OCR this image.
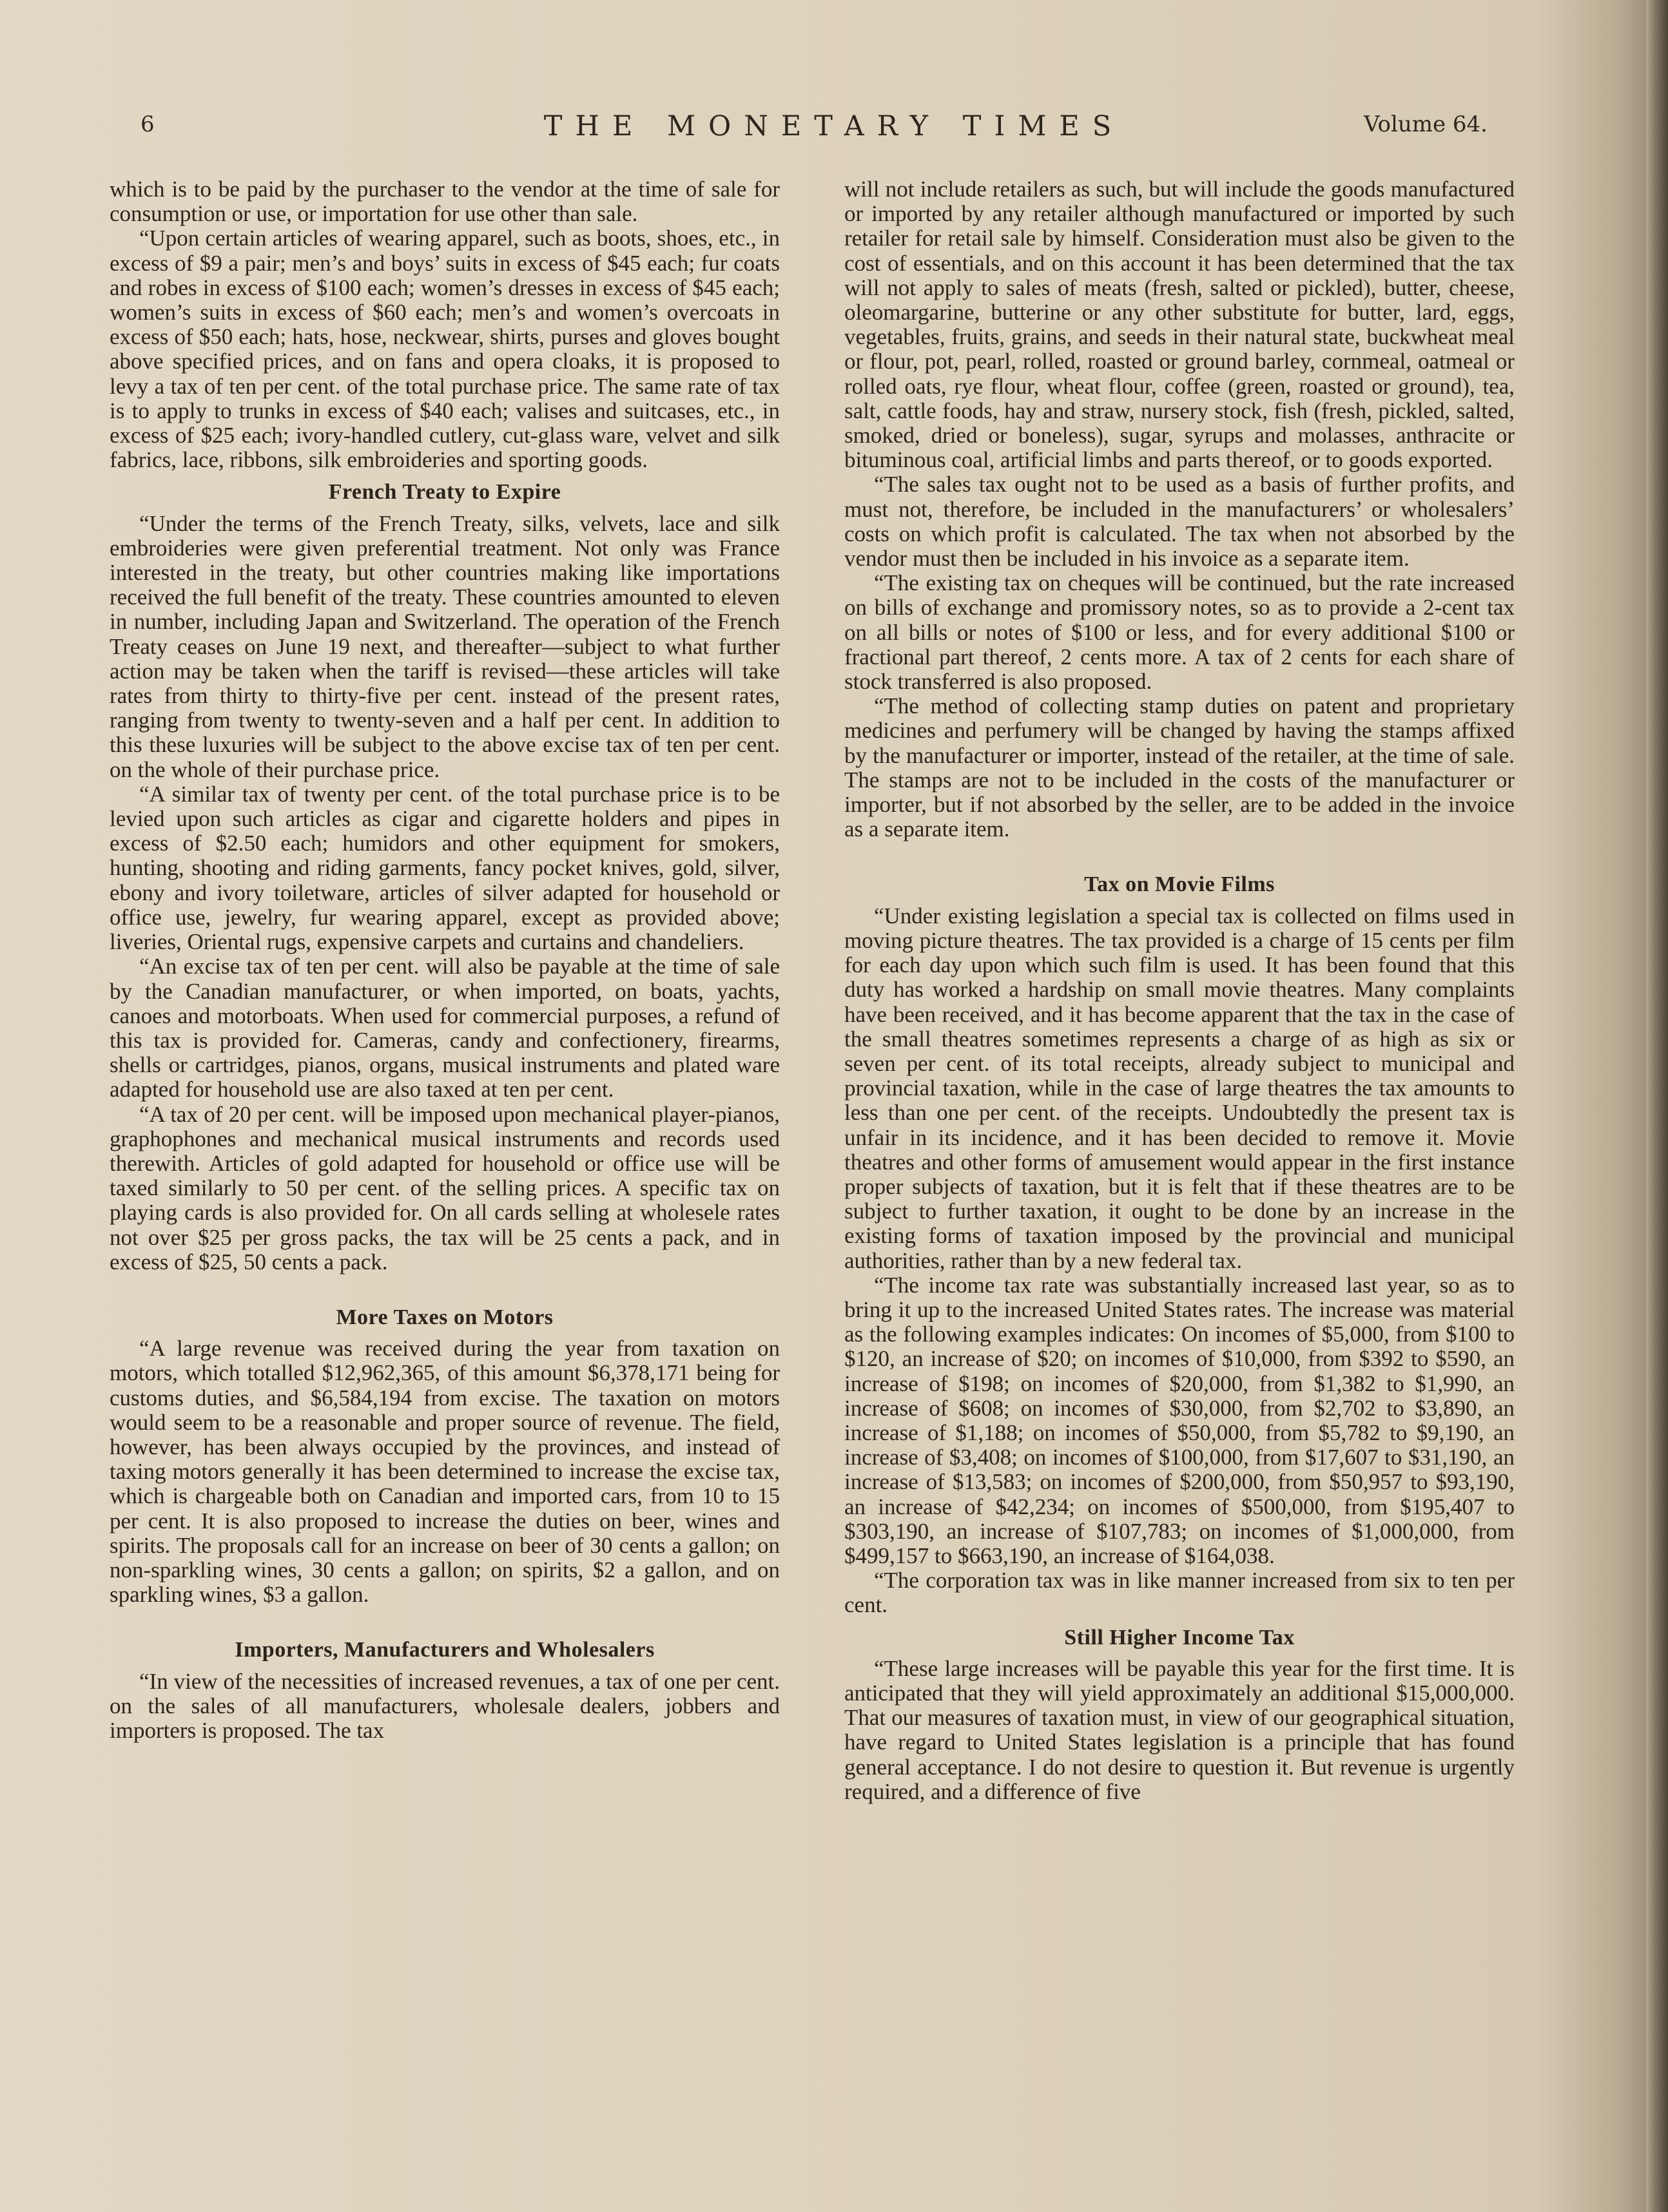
6	THE MONETARY TIMES	Volume 64.

which is to be paid by the purchaser to the vendor at the time of sale for consumption or use, or importation for use other than sale.

“Upon certain articles of wearing apparel, such as boots, shoes, etc., in excess of $9 a pair; men’s and boys’ suits in excess of $45 each; fur coats and robes in excess of $100 each; women’s dresses in excess of $45 each; women’s suits in excess of $60 each; men’s and women’s overcoats in excess of $50 each; hats, hose, neckwear, shirts, purses and gloves bought above specified prices, and on fans and opera cloaks, it is proposed to levy a tax of ten per cent. of the total purchase price. The same rate of tax is to apply to trunks in excess of $40 each; valises and suitcases, etc., in excess of $25 each; ivory-handled cutlery, cut-glass ware, velvet and silk fabrics, lace, ribbons, silk embroideries and sporting goods.

French Treaty to Expire

“Under the terms of the French Treaty, silks, velvets, lace and silk embroideries were given preferential treatment. Not only was France interested in the treaty, but other countries making like importations received the full benefit of the treaty. These countries amounted to eleven in number, including Japan and Switzerland. The operation of the French Treaty ceases on June 19 next, and thereafter—subject to what further action may be taken when the tariff is revised—these articles will take rates from thirty to thirty-five per cent. instead of the present rates, ranging from twenty to twenty-seven and a half per cent. In addition to this these luxuries will be subject to the above excise tax of ten per cent. on the whole of their purchase price.

“A similar tax of twenty per cent. of the total purchase price is to be levied upon such articles as cigar and cigarette holders and pipes in excess of $2.50 each; humidors and other equipment for smokers, hunting, shooting and riding garments, fancy pocket knives, gold, silver, ebony and ivory toiletware, articles of silver adapted for household or office use, jewelry, fur wearing apparel, except as provided above; liveries, Oriental rugs, expensive carpets and curtains and chandeliers.

“An excise tax of ten per cent. will also be payable at the time of sale by the Canadian manufacturer, or when imported, on boats, yachts, canoes and motorboats. When used for commercial purposes, a refund of this tax is provided for. Cameras, candy and confectionery, firearms, shells or cartridges, pianos, organs, musical instruments and plated ware adapted for household use are also taxed at ten per cent.

“A tax of 20 per cent. will be imposed upon mechanical player-pianos, graphophones and mechanical musical instruments and records used therewith. Articles of gold adapted for household or office use will be taxed similarly to 50 per cent. of the selling prices. A specific tax on playing cards is also provided for. On all cards selling at wholesele rates not over $25 per gross packs, the tax will be 25 cents a pack, and in excess of $25, 50 cents a pack.

More Taxes on Motors

“A large revenue was received during the year from taxation on motors, which totalled $12,962,365, of this amount $6,378,171 being for customs duties, and $6,584,194 from excise. The taxation on motors would seem to be a reasonable and proper source of revenue. The field, however, has been always occupied by the provinces, and instead of taxing motors generally it has been determined to increase the excise tax, which is chargeable both on Canadian and imported cars, from 10 to 15 per cent. It is also proposed to increase the duties on beer, wines and spirits. The proposals call for an increase on beer of 30 cents a gallon; on non-sparkling wines, 30 cents a gallon; on spirits, $2 a gallon, and on sparkling wines, $3 a gallon.

Importers, Manufacturers and Wholesalers

“In view of the necessities of increased revenues, a tax of one per cent. on the sales of all manufacturers, wholesale dealers, jobbers and importers is proposed. The tax

will not include retailers as such, but will include the goods manufactured or imported by any retailer although manufactured or imported by such retailer for retail sale by himself. Consideration must also be given to the cost of essentials, and on this account it has been determined that the tax will not apply to sales of meats (fresh, salted or pickled), butter, cheese, oleomargarine, butterine or any other substitute for butter, lard, eggs, vegetables, fruits, grains, and seeds in their natural state, buckwheat meal or flour, pot, pearl, rolled, roasted or ground barley, cornmeal, oatmeal or rolled oats, rye flour, wheat flour, coffee (green, roasted or ground), tea, salt, cattle foods, hay and straw, nursery stock, fish (fresh, pickled, salted, smoked, dried or boneless), sugar, syrups and molasses, anthracite or bituminous coal, artificial limbs and parts thereof, or to goods exported.

“The sales tax ought not to be used as a basis of further profits, and must not, therefore, be included in the manufacturers’ or wholesalers’ costs on which profit is calculated. The tax when not absorbed by the vendor must then be included in his invoice as a separate item.

“The existing tax on cheques will be continued, but the rate increased on bills of exchange and promissory notes, so as to provide a 2-cent tax on all bills or notes of $100 or less, and for every additional $100 or fractional part thereof, 2 cents more. A tax of 2 cents for each share of stock transferred is also proposed.

“The method of collecting stamp duties on patent and proprietary medicines and perfumery will be changed by having the stamps affixed by the manufacturer or importer, instead of the retailer, at the time of sale. The stamps are not to be included in the costs of the manufacturer or importer, but if not absorbed by the seller, are to be added in the invoice as a separate item.

Tax on Movie Films

“Under existing legislation a special tax is collected on films used in moving picture theatres. The tax provided is a charge of 15 cents per film for each day upon which such film is used. It has been found that this duty has worked a hardship on small movie theatres. Many complaints have been received, and it has become apparent that the tax in the case of the small theatres sometimes represents a charge of as high as six or seven per cent. of its total receipts, already subject to municipal and provincial taxation, while in the case of large theatres the tax amounts to less than one per cent. of the receipts. Undoubtedly the present tax is unfair in its incidence, and it has been decided to remove it. Movie theatres and other forms of amusement would appear in the first instance proper subjects of taxation, but it is felt that if these theatres are to be subject to further taxation, it ought to be done by an increase in the existing forms of taxation imposed by the provincial and municipal authorities, rather than by a new federal tax.

“The income tax rate was substantially increased last year, so as to bring it up to the increased United States rates. The increase was material as the following examples indicates: On incomes of $5,000, from $100 to $120, an increase of $20; on incomes of $10,000, from $392 to $590, an increase of $198; on incomes of $20,000, from $1,382 to $1,990, an increase of $608; on incomes of $30,000, from $2,702 to $3,890, an increase of $1,188; on incomes of $50,000, from $5,782 to $9,190, an increase of $3,408; on incomes of $100,000, from $17,607 to $31,190, an increase of $13,583; on incomes of $200,000, from $50,957 to $93,190, an increase of $42,234; on incomes of $500,000, from $195,407 to $303,190, an increase of $107,783; on incomes of $1,000,000, from $499,157 to $663,190, an increase of $164,038.

“The corporation tax was in like manner increased from six to ten per cent.

Still Higher Income Tax

“These large increases will be payable this year for the first time. It is anticipated that they will yield approximately an additional $15,000,000. That our measures of taxation must, in view of our geographical situation, have regard to United States legislation is a principle that has found general acceptance. I do not desire to question it. But revenue is urgently required, and a difference of five
